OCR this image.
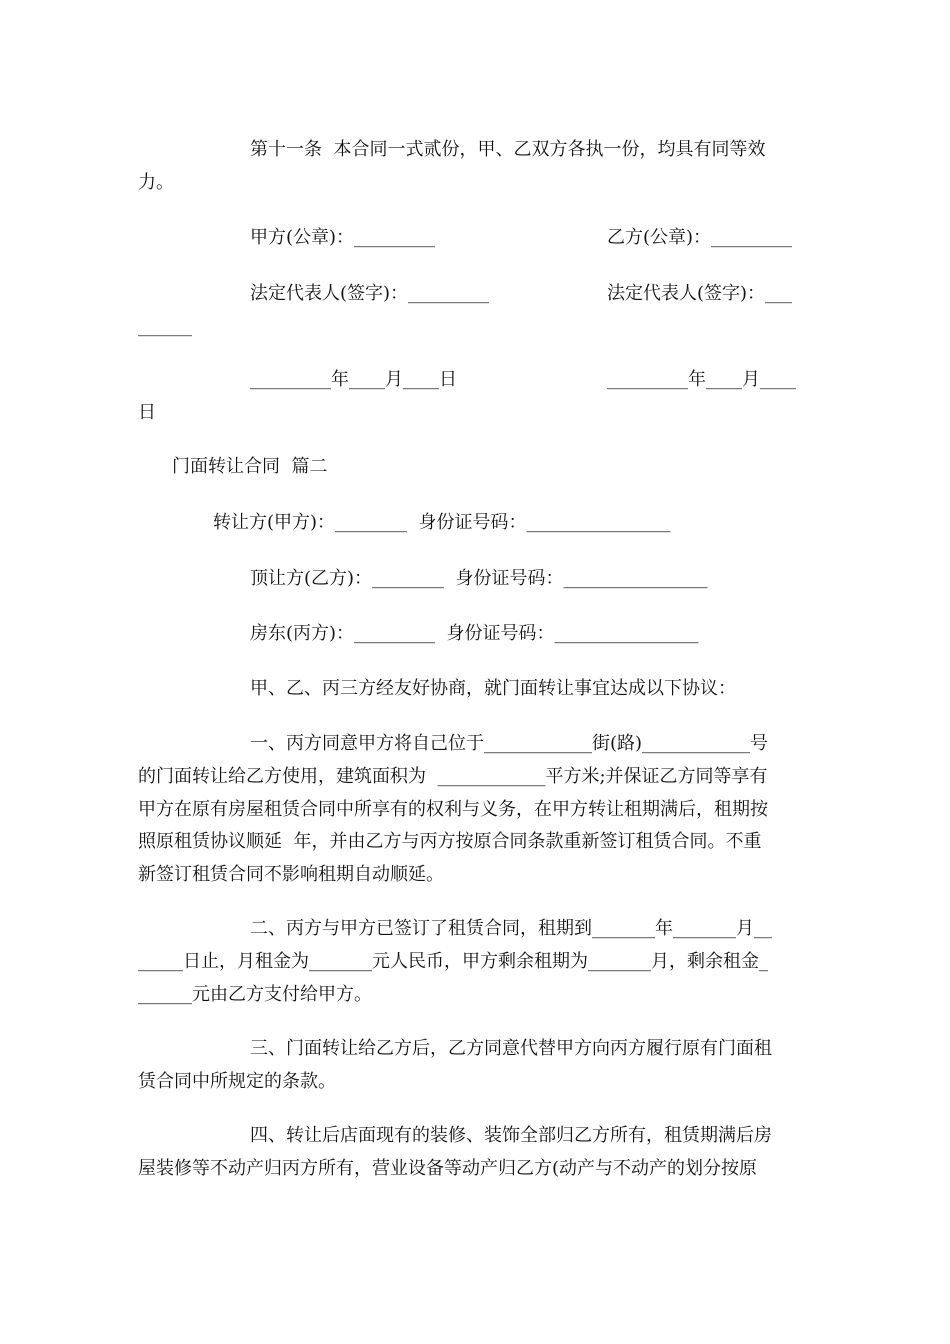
第十一条  本合同一式贰份，甲、乙双方各执一份，均具有同等效
力。
甲方(公章)：_________	乙方(公章)：_________
法定代表人(签字)：_________	法定代表人(签字)：___
______
_________年____月____日	_________年____月____
日
门面转让合同  篇二
转让方(甲方)：________  身份证号码：________________
顶让方(乙方)：________  身份证号码：________________
房东(丙方)：_________  身份证号码：________________
甲、乙、丙三方经友好协商，就门面转让事宜达成以下协议：
一、丙方同意甲方将自己位于____________街(路)____________号
的门面转让给乙方使用，建筑面积为  ____________平方米;并保证乙方同等享有
甲方在原有房屋租赁合同中所享有的权利与义务，在甲方转让租期满后，租期按
照原租赁协议顺延  年，并由乙方与丙方按原合同条款重新签订租赁合同。不重
新签订租赁合同不影响租期自动顺延。
二、丙方与甲方已签订了租赁合同，租期到_______年_______月__
_____日止，月租金为_______元人民币，甲方剩余租期为_______月，剩余租金_
______元由乙方支付给甲方。
三、门面转让给乙方后，乙方同意代替甲方向丙方履行原有门面租
赁合同中所规定的条款。
四、转让后店面现有的装修、装饰全部归乙方所有，租赁期满后房
屋装修等不动产归丙方所有，营业设备等动产归乙方(动产与不动产的划分按原
